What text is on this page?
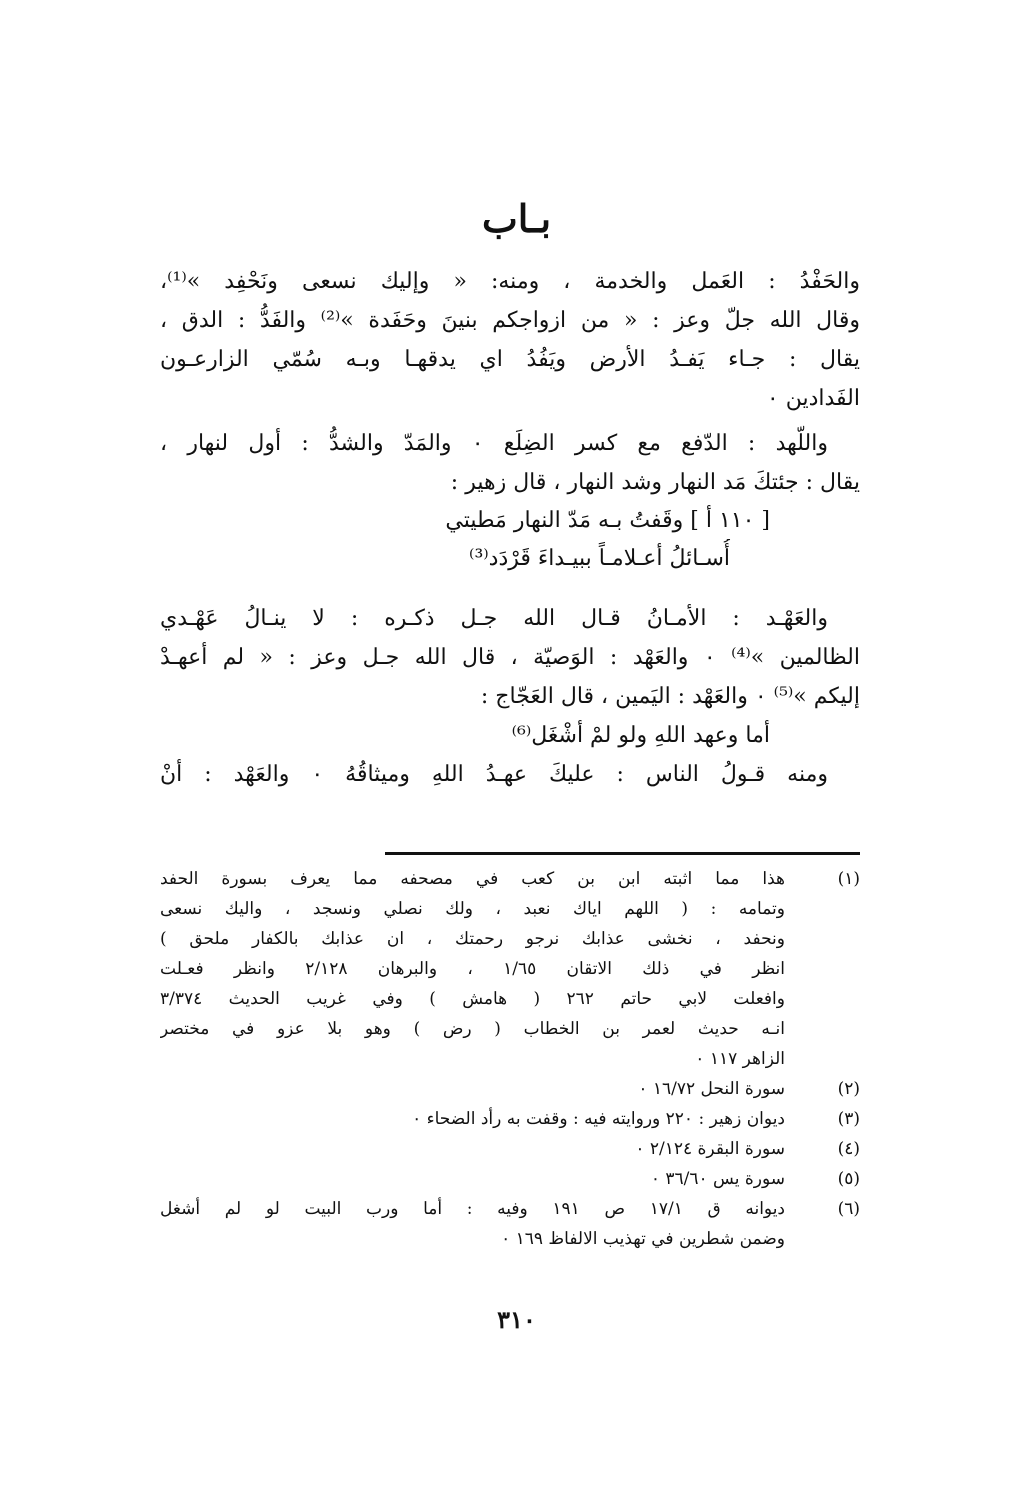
بـاب
والحَفْدُ : العَمل والخدمة ، ومنه: « وإليك نسعى ونَحْفِد »⁽¹⁾،
وقال الله جلّ وعز : « من ازواجكم بنينَ وحَفَدة »⁽²⁾ والفَدُّ : الدق ،
يقال : جـاء يَفـدُ الأرض ويَفُدُ اي يدقهـا وبـه سُمّي الزارعـون
الفَدادين ٠
واللّهد : الدّفع مع كسر الضِلَع ٠ والمَدّ والشدُّ : أول لنهار ،
يقال : جئتكَ مَد النهار وشد النهار ، قال زهير :
[ ١١٠ أ ] وقَفتُ بـه مَدّ النهار مَطيتي
أُسـائلُ أعـلامـاً ببيـداءَ قَرْدَد⁽³⁾
والعَهْـد : الأمـانُ قـال الله جـل ذكـره : لا ينـالُ عَهْـدي
الظالمين »⁽⁴⁾ ٠ والعَهْد : الوَصيّة ، قال الله جـل وعز : « لم أعهـدْ
إليكم »⁽⁵⁾ ٠ والعَهْد : اليَمين ، قال العَجّاج :
أما وعهد اللهِ ولو لمْ أشْغَل⁽⁶⁾
ومنه قـولُ الناس : عليكَ عهـدُ اللهِ وميثاقُهُ ٠ والعَهْد : أنْ
(١)
هذا مما اثبته ابن بن كعب في مصحفه مما يعرف بسورة الحفد
وتمامه : ( اللهم اياك نعبد ، ولك نصلي ونسجد ، واليك نسعى
ونحفد ، نخشى عذابك نرجو رحمتك ، ان عذابك بالكفار ملحق )
انظر في ذلك الاتقان ١/٦٥ ، والبرهان ٢/١٢٨ وانظر فعـلت
وافعلت لابي حاتم ٢٦٢ ( هامش ) وفي غريب الحديث ٣/٣٧٤
انـه حديث لعمر بن الخطاب ( رض ) وهو بلا عزو في مختصر
الزاهر ١١٧ ٠
(٢)
سورة النحل ١٦/٧٢ ٠
(٣)
ديوان زهير : ٢٢٠ وروايته فيه : وقفت به رأد الضحاء ٠
(٤)
سورة البقرة ٢/١٢٤ ٠
(٥)
سورة يس ٣٦/٦٠ ٠
(٦)
ديوانه ق ١٧/١ ص ١٩١ وفيه : أما ورب البيت لو لم أشغل
وضمن شطرين في تهذيب الالفاظ ١٦٩ ٠
٣١٠
